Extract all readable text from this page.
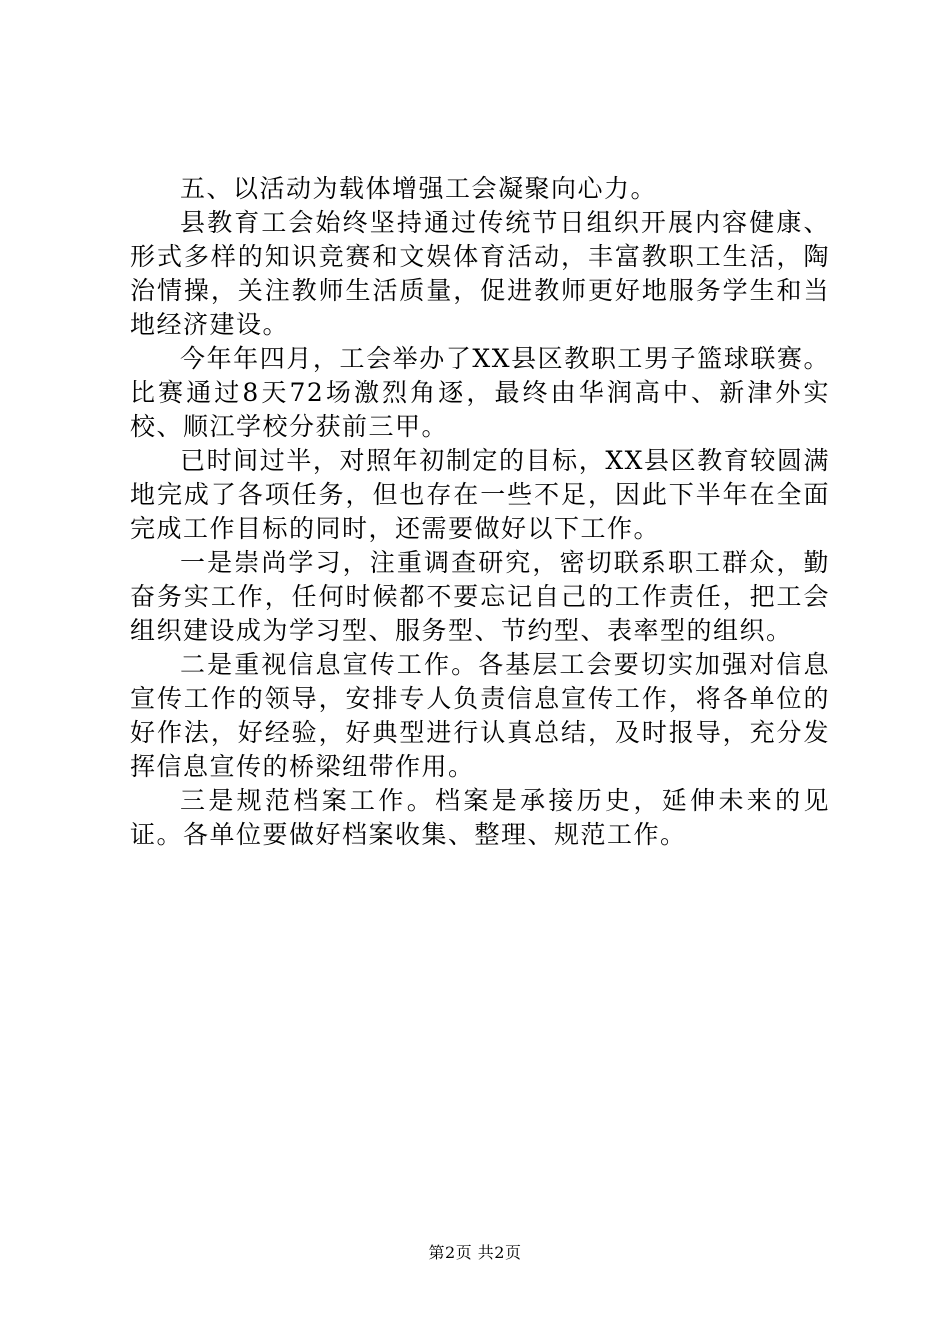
五、以活动为载体增强工会凝聚向心力。

县教育工会始终坚持通过传统节日组织开展内容健康、形式多样的知识竞赛和文娱体育活动，丰富教职工生活，陶治情操，关注教师生活质量，促进教师更好地服务学生和当地经济建设。

今年年四月，工会举办了XX县区教职工男子篮球联赛。比赛通过8天72场激烈角逐，最终由华润高中、新津外实校、顺江学校分获前三甲。

已时间过半，对照年初制定的目标，XX县区教育较圆满地完成了各项任务，但也存在一些不足，因此下半年在全面完成工作目标的同时，还需要做好以下工作。

一是崇尚学习，注重调查研究，密切联系职工群众，勤奋务实工作，任何时候都不要忘记自己的工作责任，把工会组织建设成为学习型、服务型、节约型、表率型的组织。

二是重视信息宣传工作。各基层工会要切实加强对信息宣传工作的领导，安排专人负责信息宣传工作，将各单位的好作法，好经验，好典型进行认真总结，及时报导，充分发挥信息宣传的桥梁纽带作用。

三是规范档案工作。档案是承接历史，延伸未来的见证。各单位要做好档案收集、整理、规范工作。

第2页 共2页
